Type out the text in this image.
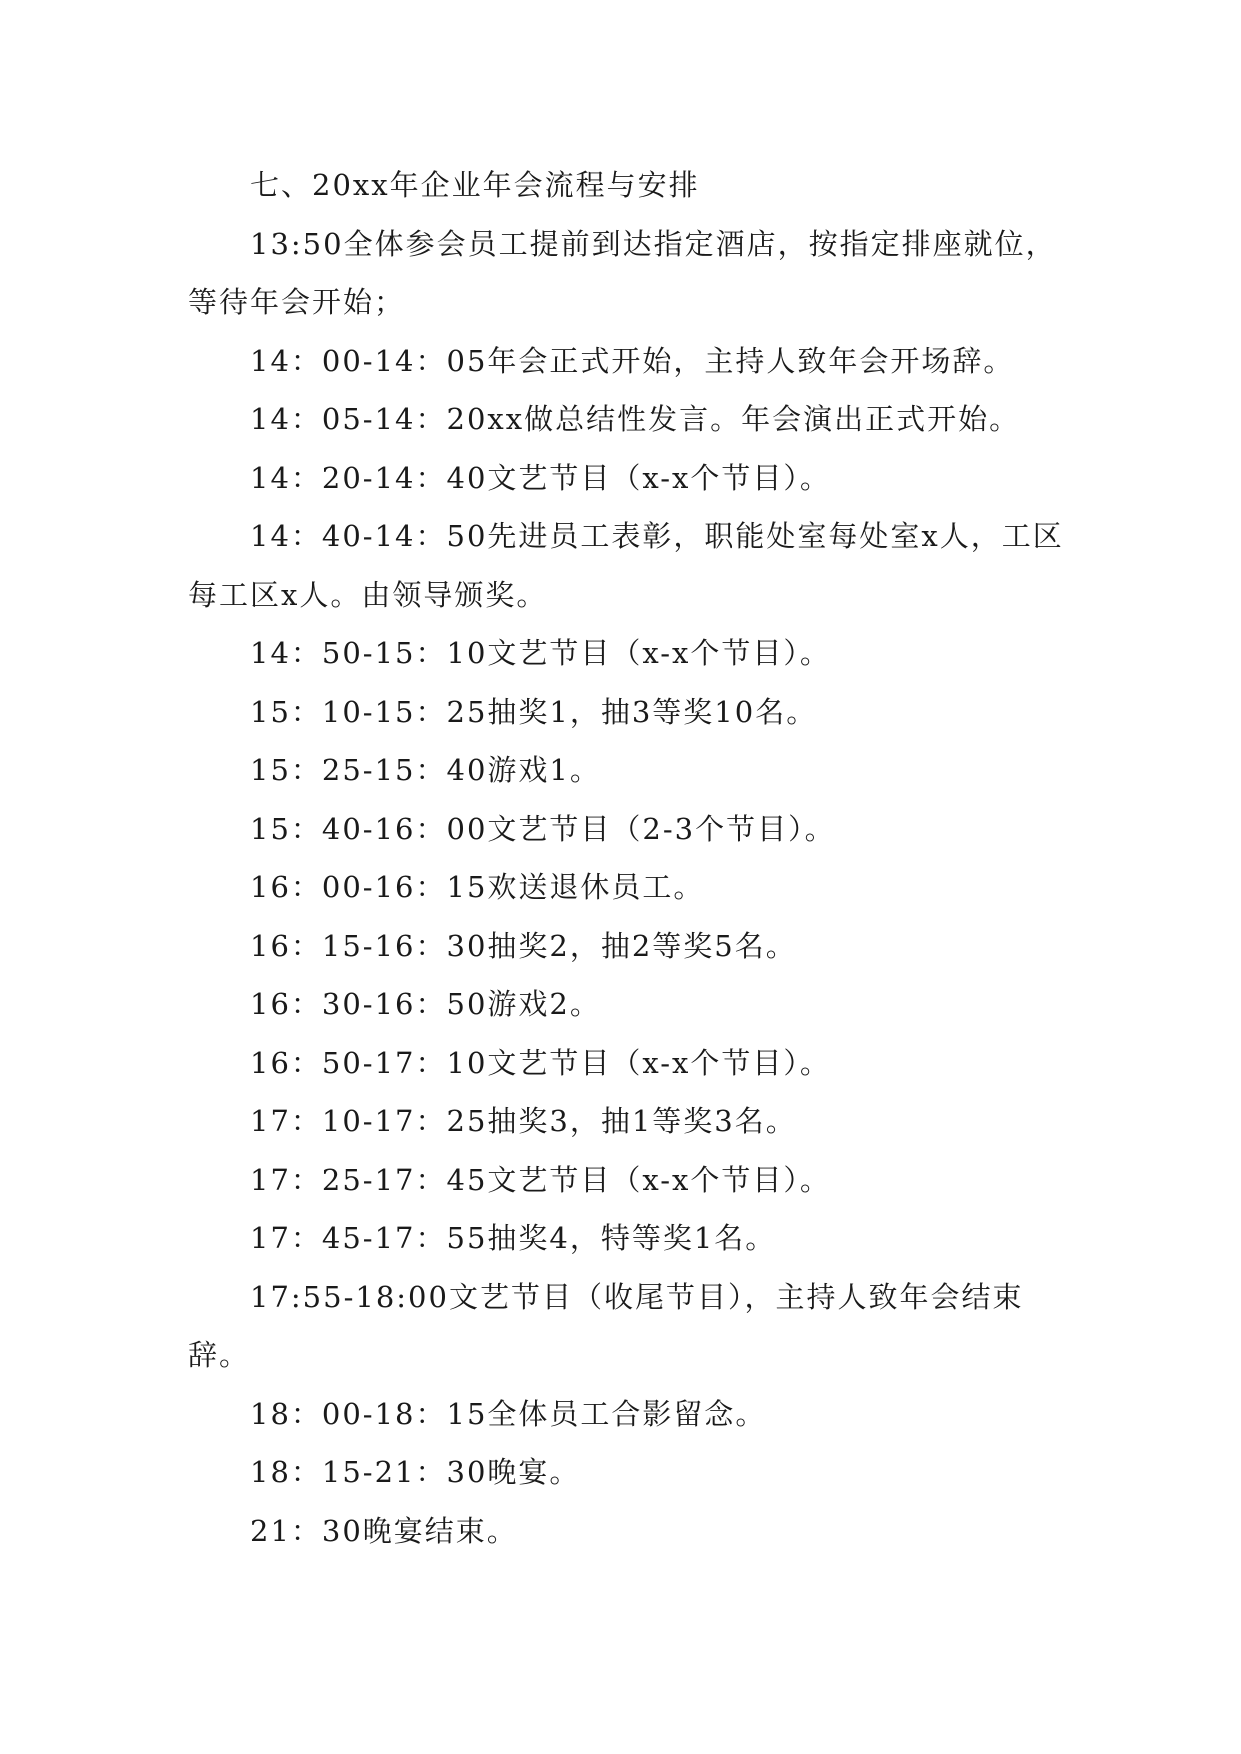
七、20xx年企业年会流程与安排

13:50全体参会员工提前到达指定酒店，按指定排座就位，等待年会开始；

14：00-14：05年会正式开始，主持人致年会开场辞。

14：05-14：20xx做总结性发言。年会演出正式开始。

14：20-14：40文艺节目（x-x个节目）。

14：40-14：50先进员工表彰，职能处室每处室x人，工区每工区x人。由领导颁奖。

14：50-15：10文艺节目（x-x个节目）。

15：10-15：25抽奖1，抽3等奖10名。

15：25-15：40游戏1。

15：40-16：00文艺节目（2-3个节目）。

16：00-16：15欢送退休员工。

16：15-16：30抽奖2，抽2等奖5名。

16：30-16：50游戏2。

16：50-17：10文艺节目（x-x个节目）。

17：10-17：25抽奖3，抽1等奖3名。

17：25-17：45文艺节目（x-x个节目）。

17：45-17：55抽奖4，特等奖1名。

17:55-18:00文艺节目（收尾节目），主持人致年会结束辞。

18：00-18：15全体员工合影留念。

18：15-21：30晚宴。

21：30晚宴结束。
